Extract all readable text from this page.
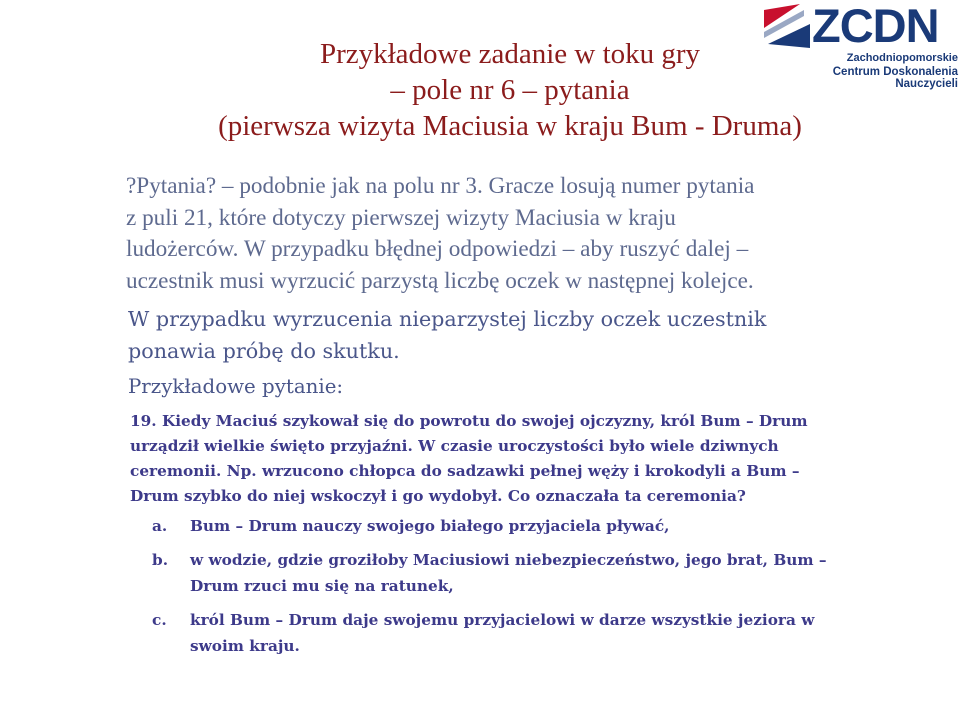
ZCDN
Zachodniopomorskie
Centrum Doskonalenia Nauczycieli
Przykładowe zadanie w toku gry
– pole nr 6 – pytania
(pierwsza wizyta Maciusia w kraju Bum - Druma)
?Pytania? – podobnie jak na polu nr 3. Gracze losują numer pytania
z puli 21, które dotyczy pierwszej wizyty Maciusia w kraju
ludożerców. W przypadku błędnej odpowiedzi – aby ruszyć dalej –
uczestnik musi wyrzucić parzystą liczbę oczek w następnej kolejce.
W przypadku wyrzucenia nieparzystej liczby oczek uczestnik
ponawia próbę do skutku.
Przykładowe pytanie:
19. Kiedy Maciuś szykował się do powrotu do swojej ojczyzny, król Bum – Drum
urządził wielkie święto przyjaźni. W czasie uroczystości było wiele dziwnych
ceremonii. Np. wrzucono chłopca do sadzawki pełnej węży i krokodyli a Bum –
Drum szybko do niej wskoczył i go wydobył. Co oznaczała ta ceremonia?
a. Bum – Drum nauczy swojego białego przyjaciela pływać,
b. w wodzie, gdzie groziłoby Maciusiowi niebezpieczeństwo, jego brat, Bum –
Drum rzuci mu się na ratunek,
c. król Bum – Drum daje swojemu przyjacielowi w darze wszystkie jeziora w
swoim kraju.
